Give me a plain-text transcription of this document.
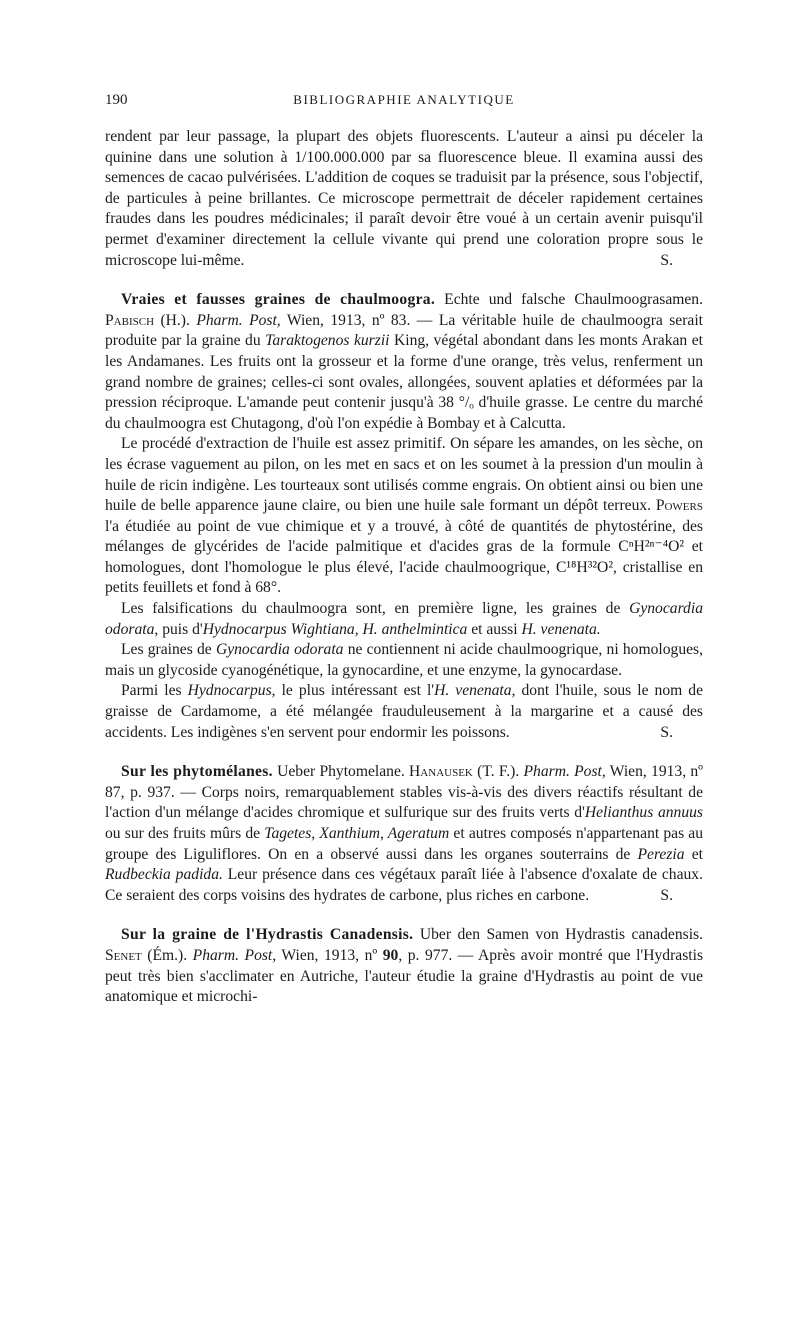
190	BIBLIOGRAPHIE ANALYTIQUE

rendent par leur passage, la plupart des objets fluorescents. L'auteur a ainsi pu déceler la quinine dans une solution à 1/100.000.000 par sa fluorescence bleue. Il examina aussi des semences de cacao pulvérisées. L'addition de coques se traduisit par la présence, sous l'objectif, de particules à peine brillantes. Ce microscope permettrait de déceler rapidement certaines fraudes dans les poudres médicinales; il paraît devoir être voué à un certain avenir puisqu'il permet d'examiner directement la cellule vivante qui prend une coloration propre sous le microscope lui-même.	S.

Vraies et fausses graines de chaulmoogra. Echte und falsche Chaulmoograsamen. Pabisch (H.). Pharm. Post, Wien, 1913, nº 83. — La véritable huile de chaulmoogra serait produite par la graine du Taraktogenos kurzii King, végétal abondant dans les monts Arakan et les Andamanes. Les fruits ont la grosseur et la forme d'une orange, très velus, renferment un grand nombre de graines; celles-ci sont ovales, allongées, souvent aplaties et déformées par la pression réciproque. L'amande peut contenir jusqu'à 38 °/ₒ d'huile grasse. Le centre du marché du chaulmoogra est Chutagong, d'où l'on expédie à Bombay et à Calcutta.

Le procédé d'extraction de l'huile est assez primitif. On sépare les amandes, on les sèche, on les écrase vaguement au pilon, on les met en sacs et on les soumet à la pression d'un moulin à huile de ricin indigène. Les tourteaux sont utilisés comme engrais. On obtient ainsi ou bien une huile de belle apparence jaune claire, ou bien une huile sale formant un dépôt terreux. Powers l'a étudiée au point de vue chimique et y a trouvé, à côté de quantités de phytostérine, des mélanges de glycérides de l'acide palmitique et d'acides gras de la formule CⁿH²ⁿ⁻⁴O² et homologues, dont l'homologue le plus élevé, l'acide chaulmoogrique, C¹⁸H³²O², cristallise en petits feuillets et fond à 68°.

Les falsifications du chaulmoogra sont, en première ligne, les graines de Gynocardia odorata, puis d'Hydnocarpus Wightiana, H. anthelmintica et aussi H. venenata.

Les graines de Gynocardia odorata ne contiennent ni acide chaulmoogrique, ni homologues, mais un glycoside cyanogénétique, la gynocardine, et une enzyme, la gynocardase.

Parmi les Hydnocarpus, le plus intéressant est l'H. venenata, dont l'huile, sous le nom de graisse de Cardamome, a été mélangée frauduleusement à la margarine et a causé des accidents. Les indigènes s'en servent pour endormir les poissons.	S.

Sur les phytomélanes. Ueber Phytomelane. Hanausek (T. F.). Pharm. Post, Wien, 1913, nº 87, p. 937. — Corps noirs, remarquablement stables vis-à-vis des divers réactifs résultant de l'action d'un mélange d'acides chromique et sulfurique sur des fruits verts d'Helianthus annuus ou sur des fruits mûrs de Tagetes, Xanthium, Ageratum et autres composés n'appartenant pas au groupe des Liguliflores. On en a observé aussi dans les organes souterrains de Perezia et Rudbeckia padida. Leur présence dans ces végétaux paraît liée à l'absence d'oxalate de chaux. Ce seraient des corps voisins des hydrates de carbone, plus riches en carbone.	S.

Sur la graine de l'Hydrastis Canadensis. Uber den Samen von Hydrastis canadensis. Senet (Ém.). Pharm. Post, Wien, 1913, nº 90, p. 977. — Après avoir montré que l'Hydrastis peut très bien s'acclimater en Autriche, l'auteur étudie la graine d'Hydrastis au point de vue anatomique et microchi-
